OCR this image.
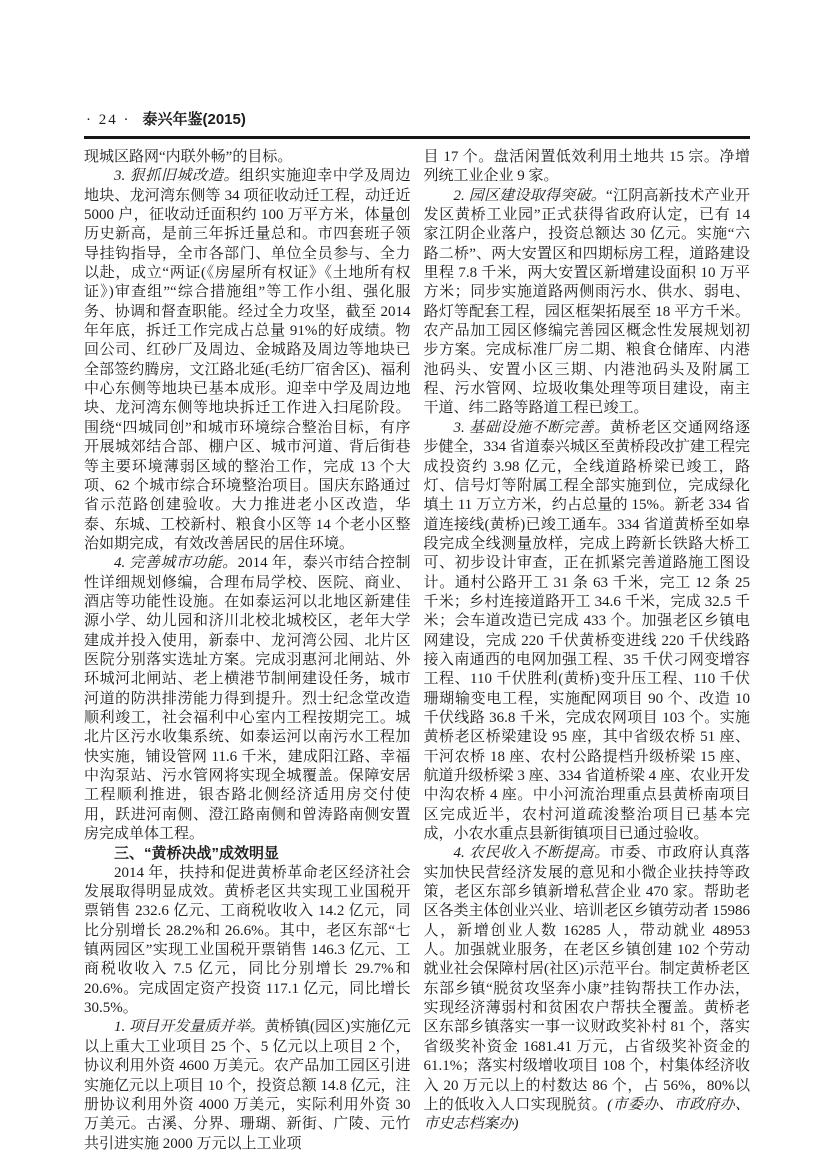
· 24 · 泰兴年鉴(2015)

现城区路网“内联外畅”的目标。

3. 狠抓旧城改造。组织实施迎幸中学及周边地块、龙河湾东侧等 34 项征收动迁工程，动迁近 5000 户，征收动迁面积约 100 万平方米，体量创历史新高，是前三年拆迁量总和。市四套班子领导挂钩指导，全市各部门、单位全员参与、全力以赴，成立“两证(《房屋所有权证》《土地所有权证》)审查组”“综合措施组”等工作小组、强化服务、协调和督查职能。经过全力攻坚，截至 2014 年年底，拆迁工作完成占总量 91%的好成绩。物回公司、红砂厂及周边、金城路及周边等地块已全部签约腾房，文江路北延(毛纺厂宿舍区)、福利中心东侧等地块已基本成形。迎幸中学及周边地块、龙河湾东侧等地块拆迁工作进入扫尾阶段。围绕“四城同创”和城市环境综合整治目标，有序开展城郊结合部、棚户区、城市河道、背后街巷等主要环境薄弱区域的整治工作，完成 13 个大项、62 个城市综合环境整治项目。国庆东路通过省示范路创建验收。大力推进老小区改造，华泰、东城、工校新村、粮食小区等 14 个老小区整治如期完成，有效改善居民的居住环境。

4. 完善城市功能。2014 年，泰兴市结合控制性详细规划修编，合理布局学校、医院、商业、酒店等功能性设施。在如泰运河以北地区新建佳源小学、幼儿园和济川北校北城校区，老年大学建成并投入使用，新泰中、龙河湾公园、北片区医院分别落实选址方案。完成羽惠河北闸站、外环城河北闸站、老上横港节制闸建设任务，城市河道的防洪排涝能力得到提升。烈士纪念堂改造顺利竣工，社会福利中心室内工程按期完工。城北片区污水收集系统、如泰运河以南污水工程加快实施，铺设管网 11.6 千米，建成阳江路、幸福中沟泵站、污水管网将实现全城覆盖。保障安居工程顺利推进，银杏路北侧经济适用房交付使用，跃进河南侧、澄江路南侧和曾涛路南侧安置房完成单体工程。

三、“黄桥决战”成效明显

2014 年，扶持和促进黄桥革命老区经济社会发展取得明显成效。黄桥老区共实现工业国税开票销售 232.6 亿元、工商税收收入 14.2 亿元，同比分别增长 28.2%和 26.6%。其中，老区东部“七镇两园区”实现工业国税开票销售 146.3 亿元、工商税收收入 7.5 亿元，同比分别增长 29.7%和 20.6%。完成固定资产投资 117.1 亿元，同比增长 30.5%。

1. 项目开发量质并举。黄桥镇(园区)实施亿元以上重大工业项目 25 个、5 亿元以上项目 2 个，协议利用外资 4600 万美元。农产品加工园区引进实施亿元以上项目 10 个，投资总额 14.8 亿元，注册协议利用外资 4000 万美元，实际利用外资 30 万美元。古溪、分界、珊瑚、新街、广陵、元竹共引进实施 2000 万元以上工业项

目 17 个。盘活闲置低效利用土地共 15 宗。净增列统工业企业 9 家。

2. 园区建设取得突破。“江阴高新技术产业开发区黄桥工业园”正式获得省政府认定，已有 14 家江阴企业落户，投资总额达 30 亿元。实施“六路二桥”、两大安置区和四期标房工程，道路建设里程 7.8 千米，两大安置区新增建设面积 10 万平方米；同步实施道路两侧雨污水、供水、弱电、路灯等配套工程，园区框架拓展至 18 平方千米。农产品加工园区修编完善园区概念性发展规划初步方案。完成标准厂房二期、粮食仓储库、内港池码头、安置小区三期、内港池码头及附属工程、污水管网、垃圾收集处理等项目建设，南主干道、纬二路等路道工程已竣工。

3. 基础设施不断完善。黄桥老区交通网络逐步健全，334 省道泰兴城区至黄桥段改扩建工程完成投资约 3.98 亿元，全线道路桥梁已竣工，路灯、信号灯等附属工程全部实施到位，完成绿化填土 11 万立方米，约占总量的 15%。新老 334 省道连接线(黄桥)已竣工通车。334 省道黄桥至如皋段完成全线测量放样，完成上跨新长铁路大桥工可、初步设计审查，正在抓紧完善道路施工图设计。通村公路开工 31 条 63 千米，完工 12 条 25 千米；乡村连接道路开工 34.6 千米，完成 32.5 千米；会车道改造已完成 433 个。加强老区乡镇电网建设，完成 220 千伏黄桥变进线 220 千伏线路接入南通西的电网加强工程、35 千伏刁网变增容工程、110 千伏胜利(黄桥)变升压工程、110 千伏珊瑚输变电工程，实施配网项目 90 个、改造 10 千伏线路 36.8 千米，完成农网项目 103 个。实施黄桥老区桥梁建设 95 座，其中省级农桥 51 座、干河农桥 18 座、农村公路提档升级桥梁 15 座、航道升级桥梁 3 座、334 省道桥梁 4 座、农业开发中沟农桥 4 座。中小河流治理重点县黄桥南项目区完成近半，农村河道疏浚整治项目已基本完成，小农水重点县新街镇项目已通过验收。

4. 农民收入不断提高。市委、市政府认真落实加快民营经济发展的意见和小微企业扶持等政策，老区东部乡镇新增私营企业 470 家。帮助老区各类主体创业兴业、培训老区乡镇劳动者 15986 人，新增创业人数 16285 人，带动就业 48953 人。加强就业服务，在老区乡镇创建 102 个劳动就业社会保障村居(社区)示范平台。制定黄桥老区东部乡镇“脱贫攻坚奔小康”挂钩帮扶工作办法，实现经济薄弱村和贫困农户帮扶全覆盖。黄桥老区东部乡镇落实一事一议财政奖补村 81 个，落实省级奖补资金 1681.41 万元，占省级奖补资金的 61.1%；落实村级增收项目 108 个，村集体经济收入 20 万元以上的村数达 86 个，占 56%，80%以上的低收入人口实现脱贫。(市委办、市政府办、市史志档案办)
